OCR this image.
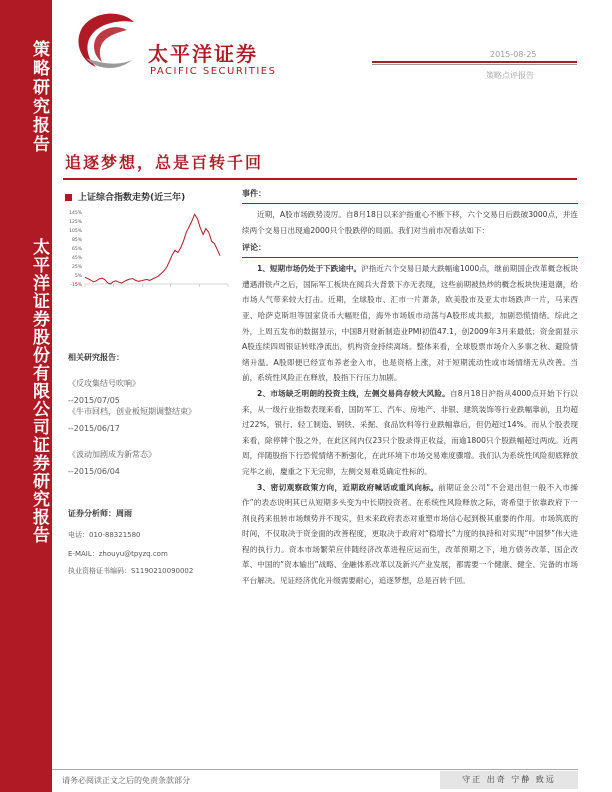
策略研究报告
太平洋证券股份有限公司证券研究报告
太平洋证券
PACIFIC SECURITIES
2015-08-25
策略点评报告
追逐梦想，总是百转千回
上证综合指数走势(近三年)
145%
125%
105%
85%
65%
45%
25%
5%
-15%
相关研究报告：
《反攻集结号吹响》
--2015/07/05
《牛市回档，创业板短期调整结束》
--2015/06/17
《波动加剧成为新常态》
--2015/06/04
证券分析师：周雨
电话：010-88321580
E-MAIL：zhouyu@tpyzq.com
执业资格证书编码：S1190210090002
事件：

近期，A股市场跌势凌厉。自8月18日以来沪指重心不断下移，六个交易日后跌破3000点，并连续两个交易日出现逾2000只个股跌停的局面。我们对当前市况看法如下：

评论：

1、短期市场仍处于下跌途中。沪指近六个交易日最大跌幅逾1000点，继前期国企改革概念板块遭遇滑铁卢之后，国际军工板块在阅兵大背景下亦无表现，这些前期被热炒的概念板块快速退潮，给市场人气带来较大打击。近期，全球股市、汇市一片萧条，欧美股市及亚太市场跌声一片，马来西亚、哈萨克斯坦等国家货币大幅贬值，海外市场版市动荡与A股形成共振，加剧恐慌情绪。综此之外，上周五发布的数据显示，中国8月财新制造业PMI初值47.1，创2009年3月来最低；资金面显示A股连续四周银证转账净流出，机构资金持续离场。整体来看，全球股票市场介入多事之秋、避险情绪升温。A股即便已经宣布养老金入市，也是资格上涨，对于短期流动性或市场情绪无从改善。当前，系统性风险正在释放，股指下行压力加剧。

2、市场缺乏明朗的投资主线，左侧交易尚存较大风险。自8月18日沪指从4000点开始下行以来，从一级行业指数表现来看，国防军工、汽车、房地产、非银、建筑装饰等行业跌幅靠前，且均超过22%，银行、轻工制造、钢铁、采掘、食品饮料等行业跌幅靠后，但仍超过14%。而从个股表现来看，除停牌个股之外，在此区间内仅23只个股录得正收益，而逾1800只个股跌幅超过两成。近两周，伴随股指下行恐慌情绪不断强化，在此环境下市场交易难度骤增。我们认为系统性风险彻底释放完毕之前，慶重之下无完卵，左侧交易难觅确定性标的。

3、密切观察政策方向，近期政府喊话或重风向标。前期证金公司“不会退出但一般不入市操作”的表态说明其已从短期多头变为中长期投资者。在系统性风险释放之际，寄希望于依靠政府下一剂良药来扭转市场颓势并不现实，但未来政府表态对重塑市场信心起到极其重要的作用。市场筑底的时间，不仅取决于资金面的改善程度，更取决于政府对“稳增长”力度的执持和对实现“中国梦”伟大进程的执行力。资本市场繁荣应伴随经济改革进程应运而生，改革预期之下，地方债务改革、国企改革、中国的“资本输出”战略、金融体系改革以及新兴产业发展，都需要一个健康、健全、完备的市场平台解决。见证经济优化升级需要耐心，追逐梦想，总是百转千回。

请务必阅读正文之后的免责条款部分	守正 出奇 宁静 致远
